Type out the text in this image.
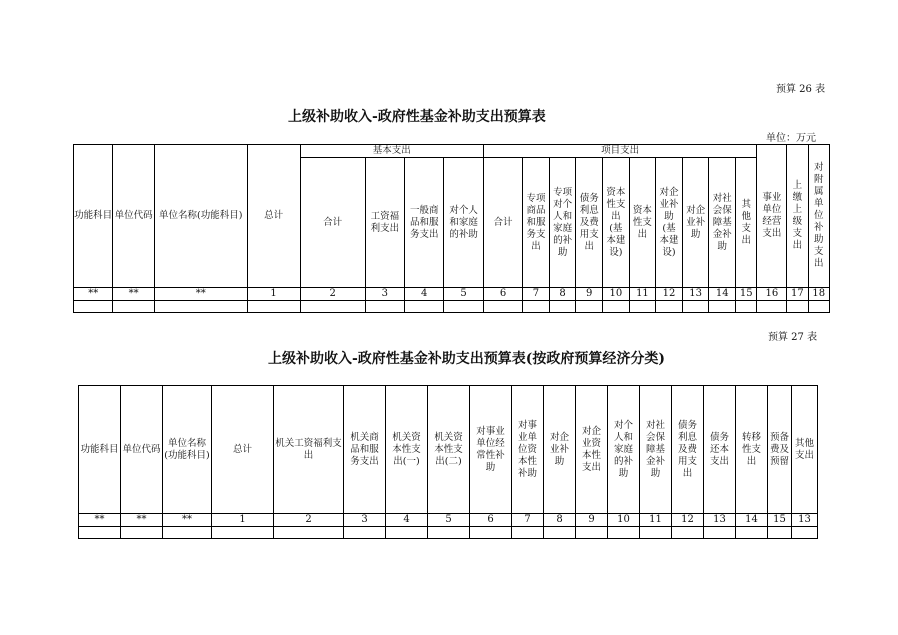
预算 26 表
上级补助收入-政府性基金补助支出预算表
单位：万元
功能科目	单位代码	单位名称(功能科目)	总计	基本支出				项目支出										事业单位经营支出	上缴上级支出	对附属单位补助支出
				合计	工资福利支出	一般商品和服务支出	对个人和家庭的补助	合计	专项商品和服务支出	专项对个人和家庭的补助	债务利息及费用支出	资本性支出(基本建设)	资本性支出	对企业补助(基本建设)	对企业补助	对社会保障基金补助	其他支出			
**	**	**	1	2	3	4	5	6	7	8	9	10	11	12	13	14	15	16	17	18

预算 27 表
上级补助收入-政府性基金补助支出预算表(按政府预算经济分类)
功能科目	单位代码	单位名称(功能科目)	总计	机关工资福利支出	机关商品和服务支出	机关资本性支出(一)	机关资本性支出(二)	对事业单位经常性补助	对事业单位资本性补助	对企业补助	对企业资本性支出	对个人和家庭的补助	对社会保障基金补助	债务利息及费用支出	债务还本支出	转移性支出	预备费及预留	其他支出
**	**	**	1	2	3	4	5	6	7	8	9	10	11	12	13	14	15	13
